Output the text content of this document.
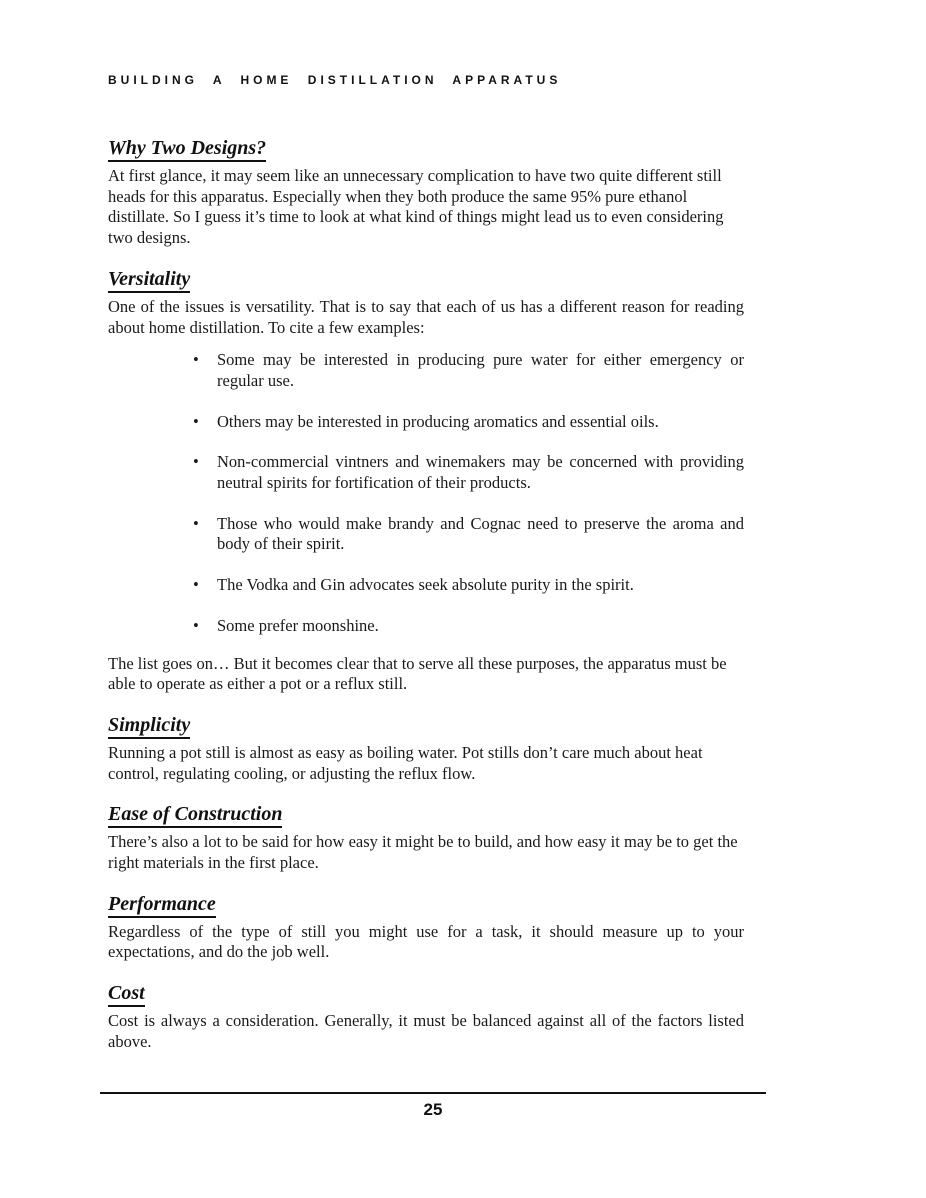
BUILDING A HOME DISTILLATION APPARATUS
Why Two Designs?

At first glance, it may seem like an unnecessary complication to have two quite different still heads for this apparatus. Especially when they both produce the same 95% pure ethanol distillate. So I guess it’s time to look at what kind of things might lead us to even considering two designs.

Versitality

One of the issues is versatility. That is to say that each of us has a different reason for reading about home distillation. To cite a few examples:

•	Some may be interested in producing pure water for either emergency or regular use.
•	Others may be interested in producing aromatics and essential oils.
•	Non-commercial vintners and winemakers may be concerned with providing neutral spirits for fortification of their products.
•	Those who would make brandy and Cognac need to preserve the aroma and body of their spirit.
•	The Vodka and Gin advocates seek absolute purity in the spirit.
•	Some prefer moonshine.

The list goes on… But it becomes clear that to serve all these purposes, the apparatus must be able to operate as either a pot or a reflux still.

Simplicity

Running a pot still is almost as easy as boiling water. Pot stills don’t care much about heat control, regulating cooling, or adjusting the reflux flow.

Ease of Construction

There’s also a lot to be said for how easy it might be to build, and how easy it may be to get the right materials in the first place.

Performance

Regardless of the type of still you might use for a task, it should measure up to your expectations, and do the job well.

Cost

Cost is always a consideration. Generally, it must be balanced against all of the factors listed above.

25
